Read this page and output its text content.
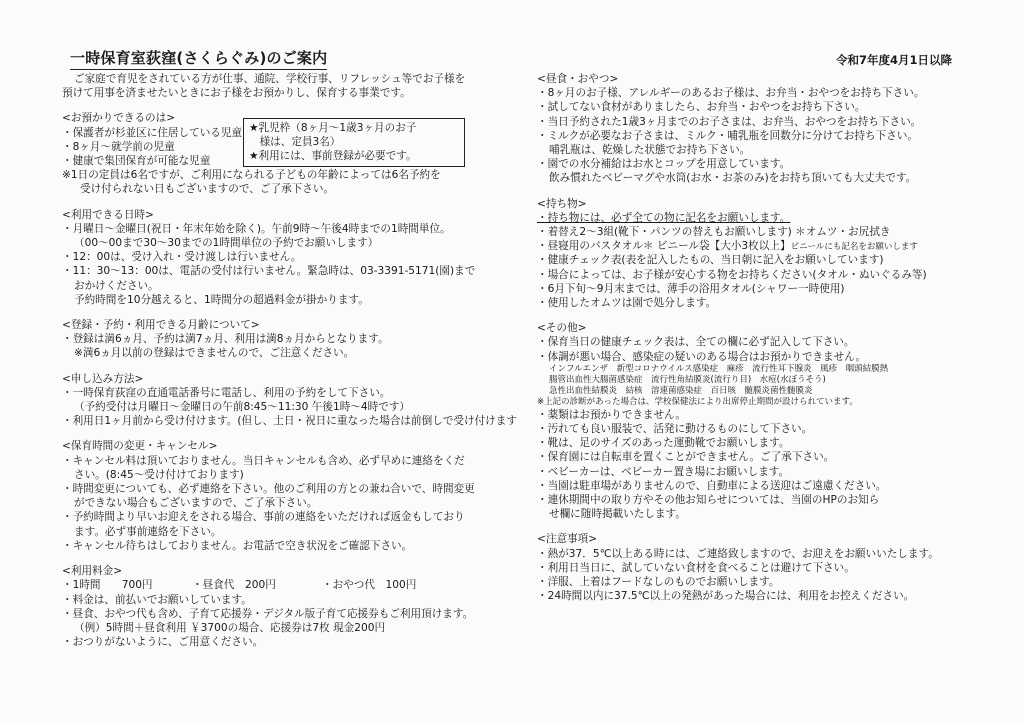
一時保育室荻窪(さくらぐみ)のご案内	令和7年度4月1日以降

ご家庭で育児をされている方が仕事、通院、学校行事、リフレッシュ等でお子様を

預けて用事を済ませたいときにお子様をお預かりし、保育する事業です。

<お預かりできるのは>

・保護者が杉並区に住居している児童

・8ヶ月～就学前の児童

・健康で集団保育が可能な児童

※1日の定員は6名ですが、ご利用になられる子どもの年齢によっては6名予約を

受け付られない日もございますので、ご了承下さい。

<利用できる日時>

・月曜日～金曜日(祝日・年末年始を除く)。午前9時～午後4時までの1時間単位。

（00～00まで30～30までの1時間単位の予約でお願いします）

・12：00は、受け入れ・受け渡しは行いません。

・11：30～13：00は、電話の受付は行いません。緊急時は、03-3391-5171(園)まで

おかけください。

予約時間を10分越えると、1時間分の超過料金が掛かります。

<登録・予約・利用できる月齢について>

・登録は満6ヵ月、予約は満7ヵ月、利用は満8ヵ月からとなります。

※満6ヵ月以前の登録はできませんので、ご注意ください。

<申し込み方法>

・一時保育荻窪の直通電話番号に電話し、利用の予約をして下さい。

（予約受付は月曜日～金曜日の午前8:45～11:30 午後1時～4時です）

・利用日1ヶ月前から受け付けます。(但し、土日・祝日に重なった場合は前倒しで受け付けます

<保育時間の変更・キャンセル>

・キャンセル料は頂いておりません。当日キャンセルも含め、必ず早めに連絡をくだ

さい。(8:45～受け付けております)

・時間変更についても、必ず連絡を下さい。他のご利用の方との兼ね合いで、時間変更

ができない場合もございますので、ご了承下さい。

・予約時間より早いお迎えをされる場合、事前の連絡をいただければ返金もしており

ます。必ず事前連絡を下さい。

・キャンセル待ちはしておりません。お電話で空き状況をご確認下さい。

<利用料金>

・1時間　　700円	・昼食代　200円	・おやつ代　100円

・料金は、前払いでお願いしています。

・昼食、おやつ代も含め、子育て応援券・デジタル版子育て応援券もご利用頂けます。

（例）5時間＋昼食利用 ￥3700の場合、応援券は7枚 現金200円

・おつりがないように、ご用意ください。

★乳児枠（8ヶ月～1歳3ヶ月のお子

　様は、定員3名）

★利用には、事前登録が必要です。

<昼食・おやつ>

・8ヶ月のお子様、アレルギーのあるお子様は、お弁当・おやつをお持ち下さい。

・試してない食材がありましたら、お弁当・おやつをお持ち下さい。

・当日予約された1歳3ヶ月までのお子さまは、お弁当、おやつをお持ち下さい。

・ミルクが必要なお子さまは、ミルク・哺乳瓶を回数分に分けてお持ち下さい。

哺乳瓶は、乾燥した状態でお持ち下さい。

・園での水分補給はお水とコップを用意しています。

飲み慣れたベビーマグや水筒(お水・お茶のみ)をお持ち頂いても大丈夫です。

<持ち物>

・持ち物には、必ず全ての物に記名をお願いします。

・着替え2～3組(靴下・パンツの替えもお願いします) ＊オムツ・お尻拭き

・昼寝用のバスタオル＊ ビニール袋【大小3枚以上】ビニールにも記名をお願いします

・健康チェック表(表を記入したもの、当日朝に記入をお願いしています)

・場合によっては、お子様が安心する物をお持ちください(タオル・ぬいぐるみ等)

・6月下旬～9月末までは、薄手の浴用タオル(シャワー一時使用)

・使用したオムツは園で処分します。

<その他>

・保育当日の健康チェック表は、全ての欄に必ず記入して下さい。

・体調が悪い場合、感染症の疑いのある場合はお預かりできません。

インフルエンザ　新型コロナウイルス感染症　麻疹　流行性耳下腺炎　風疹　咽頭結膜熱

腸管出血性大腸菌感染症　流行性角結膜炎(流行り目)　水痘(水ぼうそう)

急性出血性結膜炎　結核　溶連菌感染症　百日咳　髄膜炎菌性髄膜炎

※上記の診断があった場合は、学校保健法により出席停止期間が設けられています。

・薬類はお預かりできません。

・汚れても良い服装で、活発に動けるものにして下さい。

・靴は、足のサイズのあった運動靴でお願いします。

・保育園には自転車を置くことができません。ご了承下さい。

・ベビーカーは、ベビーカー置き場にお願いします。

・当園は駐車場がありませんので、自動車による送迎はご遠慮ください。

・連休期間中の取り方やその他お知らせについては、当園のHPのお知ら

せ欄に随時掲載いたします。

<注意事項>

・熱が37．5℃以上ある時には、ご連絡致しますので、お迎えをお願いいたします。

・利用日当日に、試していない食材を食べることは避けて下さい。

・洋服、上着はフードなしのものでお願いします。

・24時間以内に37.5℃以上の発熱があった場合には、利用をお控えください。
